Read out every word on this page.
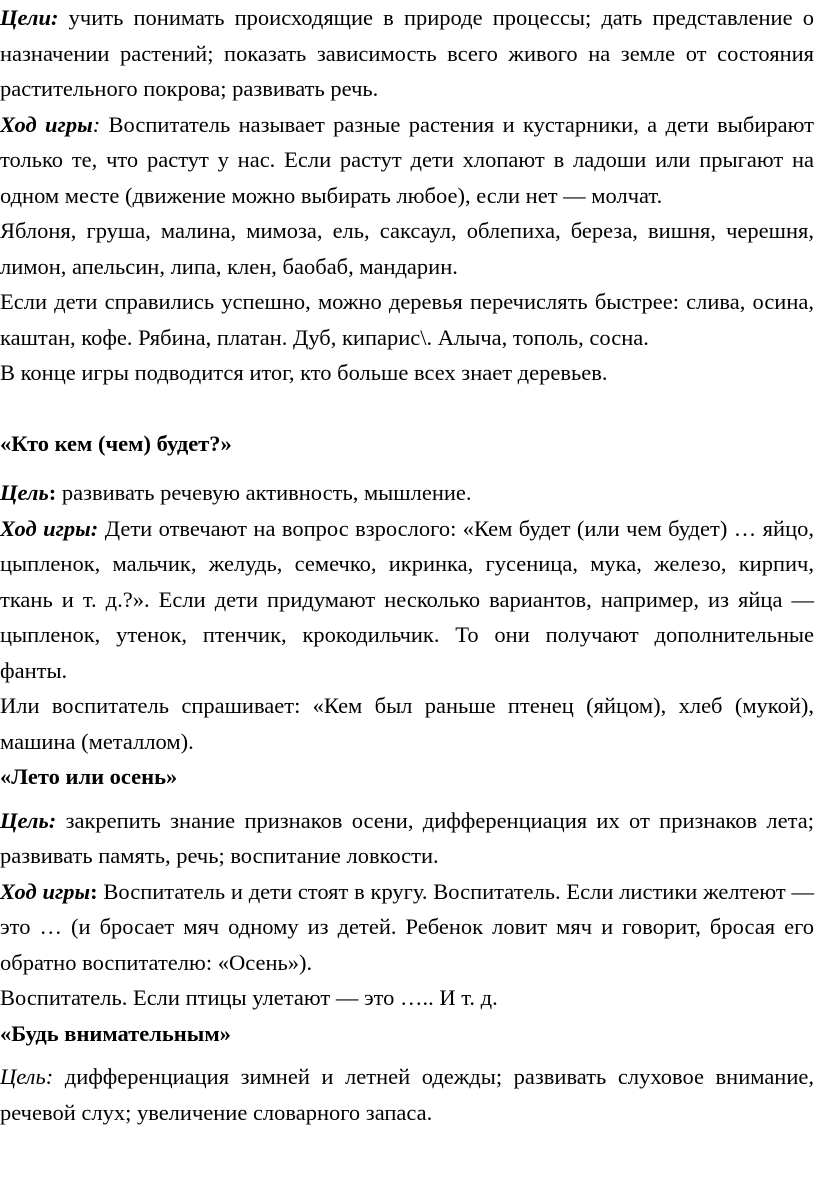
Цели: учить понимать происходящие в природе процессы; дать представление о назначении растений; показать зависимость всего живого на земле от состояния растительного покрова; развивать речь.

Ход игры: Воспитатель называет разные растения и кустарники, а дети выбирают только те, что растут у нас. Если растут дети хлопают в ладоши или прыгают на одном месте (движение можно выбирать любое), если нет — молчат.

Яблоня, груша, малина, мимоза, ель, саксаул, облепиха, береза, вишня, черешня, лимон, апельсин, липа, клен, баобаб, мандарин.

Если дети справились успешно, можно деревья перечислять быстрее: слива, осина, каштан, кофе. Рябина, платан. Дуб, кипарис\. Алыча, тополь, сосна.

В конце игры подводится итог, кто больше всех знает деревьев.

«Кто кем (чем) будет?»

Цель: развивать речевую активность, мышление.

Ход игры: Дети отвечают на вопрос взрослого: «Кем будет (или чем будет) … яйцо, цыпленок, мальчик, желудь, семечко, икринка, гусеница, мука, железо, кирпич, ткань и т. д.?». Если дети придумают несколько вариантов, например, из яйца — цыпленок, утенок, птенчик, крокодильчик. То они получают дополнительные фанты.

Или воспитатель спрашивает: «Кем был раньше птенец (яйцом), хлеб (мукой), машина (металлом).

«Лето или осень»

Цель: закрепить знание признаков осени, дифференциация их от признаков лета; развивать память, речь; воспитание ловкости.

Ход игры: Воспитатель и дети стоят в кругу. Воспитатель. Если листики желтеют — это … (и бросает мяч одному из детей. Ребенок ловит мяч и говорит, бросая его обратно воспитателю: «Осень»).

Воспитатель. Если птицы улетают — это ….. И т. д.

«Будь внимательным»

Цель: дифференциация зимней и летней одежды; развивать слуховое внимание, речевой слух; увеличение словарного запаса.
